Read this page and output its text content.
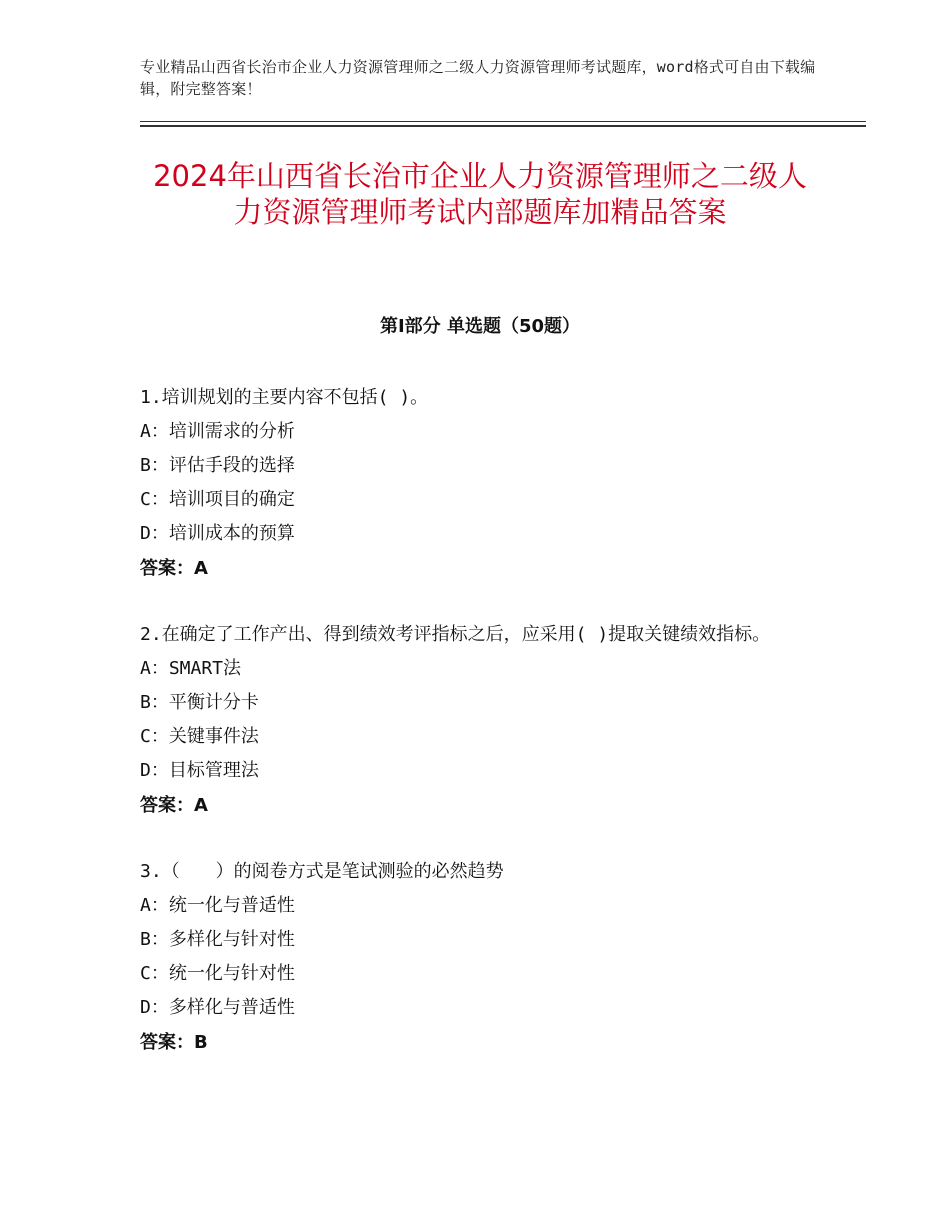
专业精品山西省长治市企业人力资源管理师之二级人力资源管理师考试题库，word格式可自由下载编辑，附完整答案！
2024年山西省长治市企业人力资源管理师之二级人力资源管理师考试内部题库加精品答案
第Ⅰ部分 单选题（50题）
1.培训规划的主要内容不包括( )。
A：培训需求的分析
B：评估手段的选择
C：培训项目的确定
D：培训成本的预算
答案：A
2.在确定了工作产出、得到绩效考评指标之后，应采用( )提取关键绩效指标。
A：SMART法
B：平衡计分卡
C：关键事件法
D：目标管理法
答案：A
3.（　　）的阅卷方式是笔试测验的必然趋势
A：统一化与普适性
B：多样化与针对性
C：统一化与针对性
D：多样化与普适性
答案：B
